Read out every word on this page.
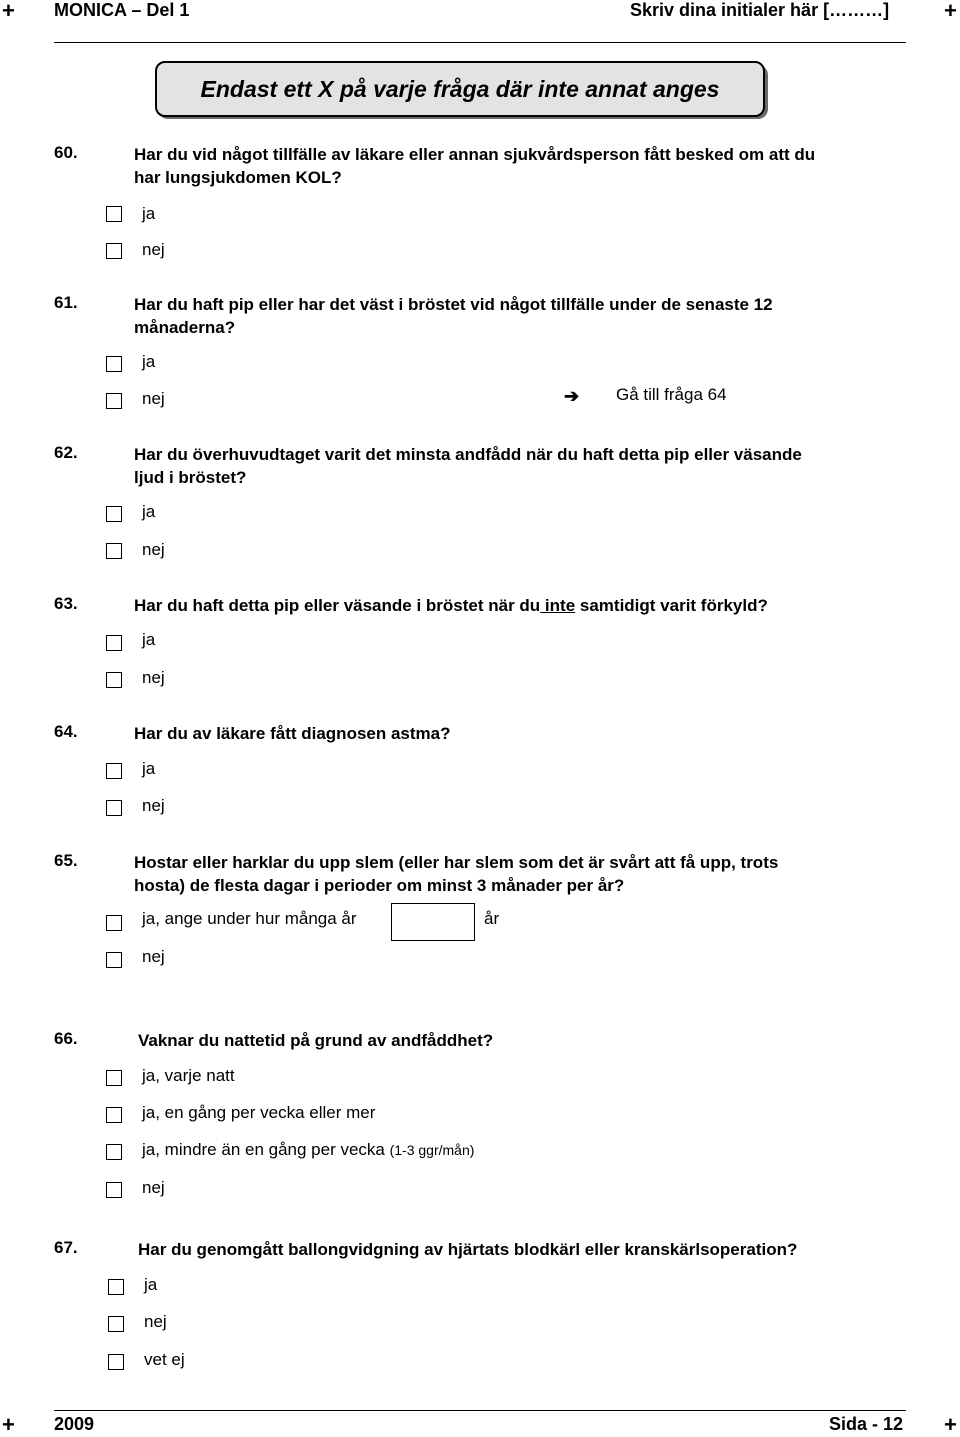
+	+
+	+
MONICA – Del 1	Skriv dina initialer här [………]
Endast ett X på varje fråga där inte annat anges
60.	Har du vid något tillfälle av läkare eller annan sjukvårdsperson fått besked om att du
har lungsjukdomen KOL?
ja
nej
61.	Har du haft pip eller har det väst i bröstet vid något tillfälle under de senaste 12
månaderna?
ja
nej	➔ Gå till fråga 64
62.	Har du överhuvudtaget varit det minsta andfådd när du haft detta pip eller väsande
ljud i bröstet?
ja
nej
63.	Har du haft detta pip eller väsande i bröstet när du inte samtidigt varit förkyld?
ja
nej
64.	Har du av läkare fått diagnosen astma?
ja
nej
65.	Hostar eller harklar du upp slem (eller har slem som det är svårt att få upp, trots
hosta) de flesta dagar i perioder om minst 3 månader per år?
ja, ange under hur många år	år
nej
66.	Vaknar du nattetid på grund av andfåddhet?
ja, varje natt
ja, en gång per vecka eller mer
ja, mindre än en gång per vecka (1-3 ggr/mån)
nej
67.	Har du genomgått ballongvidgning av hjärtats blodkärl eller kranskärlsoperation?
ja
nej
vet ej
2009	Sida - 12
